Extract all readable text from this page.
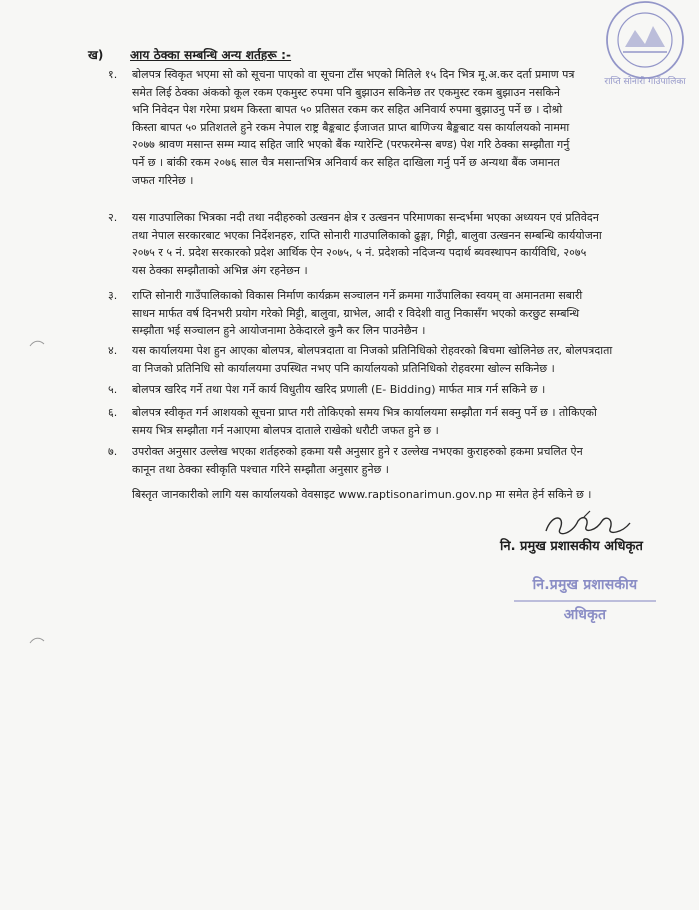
राप्ति सोनारी गाउँपालिका
ख) आय ठेक्का सम्बन्धि अन्य शर्तहरू :-
१.	बोलपत्र स्विकृत भएमा सो को सूचना पाएको वा सूचना टाँस भएको मितिले १५ दिन भित्र मू.अ.कर दर्ता प्रमाण पत्र
समेत लिई ठेक्का अंकको कूल रकम एकमुस्ट रुपमा पनि बुझाउन सकिनेछ तर एकमुस्ट रकम बुझाउन नसकिने
भनि निवेदन पेश गरेमा प्रथम किस्ता बापत ५० प्रतिसत रकम कर सहित अनिवार्य रुपमा बुझाउनु पर्ने छ । दोश्रो
किस्ता बापत ५० प्रतिशतले हुने रकम नेपाल राष्ट्र बैङ्कबाट ईजाजत प्राप्त बाणिज्य बैङ्कबाट यस कार्यालयको नाममा
२०७७ श्रावण मसान्त सम्म म्याद सहित जारि भएको बैंक ग्यारेन्टि (परफरमेन्स बण्ड) पेश गरि ठेक्का सम्झौता गर्नु
पर्ने छ । बांकी रकम २०७६ साल चैत्र मसान्तभित्र अनिवार्य कर सहित दाखिला गर्नु पर्ने छ अन्यथा बैंक जमानत
जफत गरिनेछ ।
२.	यस गाउपालिका भित्रका नदी तथा नदीहरुको उत्खनन क्षेत्र र उत्खनन परिमाणका सन्दर्भमा भएका अध्ययन एवं प्रतिवेदन
तथा नेपाल सरकारबाट भएका निर्देशनहरु, राप्ति सोनारी गाउपालिकाको ढुङ्गा, गिट्टी, बालुवा उत्खनन सम्बन्धि कार्ययोजना
२०७५ र ५ नं. प्रदेश सरकारको प्रदेश आर्थिक ऐन २०७५, ५ नं. प्रदेशको नदिजन्य पदार्थ ब्यवस्थापन कार्यविधि, २०७५
यस ठेक्का सम्झौताको अभिन्न अंग रहनेछन ।
३.	राप्ति सोनारी गाउँपालिकाको विकास निर्माण कार्यक्रम सञ्चालन गर्ने क्रममा गाउँपालिका स्वयम् वा अमानतमा सबारी
साधन मार्फत वर्ष दिनभरी प्रयोग गरेको मिट्टी, बालुवा, ग्राभेल, आदी र विदेशी वातु निकासँग भएको करछुट सम्बन्धि
सम्झौता भई सञ्चालन हुने आयोजनामा ठेकेदारले कुनै कर लिन पाउनेछैन ।
४.	यस कार्यालयमा पेश हुन आएका बोलपत्र, बोलपत्रदाता वा निजको प्रतिनिधिको रोहवरको बिचमा खोलिनेछ तर, बोलपत्रदाता
वा निजको प्रतिनिधि सो कार्यालयमा उपस्थित नभए पनि कार्यालयको प्रतिनिधिको रोहवरमा खोल्न सकिनेछ ।
५.	बोलपत्र खरिद गर्ने तथा पेश गर्ने कार्य विधुतीय खरिद प्रणाली (E- Bidding) मार्फत मात्र गर्न सकिने छ ।
६.	बोलपत्र स्वीकृत गर्न आशयको सूचना प्राप्त गरी तोकिएको समय भित्र कार्यालयमा सम्झौता गर्न सक्नु पर्ने छ । तोकिएको
समय भित्र सम्झौता गर्न नआएमा बोलपत्र दाताले राखेको धरौटी जफत हुने छ ।
७.	उपरोक्त अनुसार उल्लेख भएका शर्तहरुको हकमा यसै अनुसार हुने र उल्लेख नभएका कुराहरुको हकमा प्रचलित ऐन
कानून तथा ठेक्का स्वीकृति पश्चात गरिने सम्झौता अनुसार हुनेछ ।
बिस्तृत जानकारीको लागि यस कार्यालयको वेवसाइट www.raptisonarimun.gov.np मा समेत हेर्न सकिने छ ।
नि. प्रमुख प्रशासकीय अधिकृत
नि.प्रमुख प्रशासकीय अधिकृत
